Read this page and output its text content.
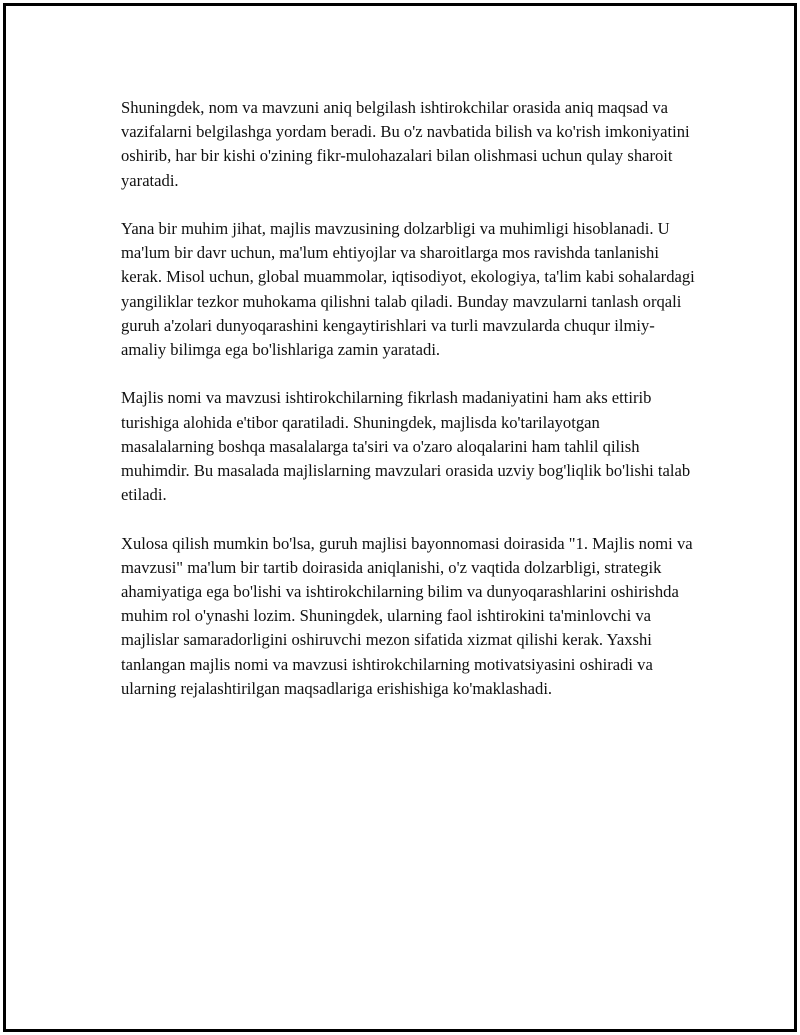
Shuningdek, nom va mavzuni aniq belgilash ishtirokchilar orasida aniq maqsad va vazifalarni belgilashga yordam beradi. Bu o'z navbatida bilish va ko'rish imkoniyatini oshirib, har bir kishi o'zining fikr-mulohazalari bilan olishmasi uchun qulay sharoit yaratadi.

Yana bir muhim jihat, majlis mavzusining dolzarbligi va muhimligi hisoblanadi. U ma'lum bir davr uchun, ma'lum ehtiyojlar va sharoitlarga mos ravishda tanlanishi kerak. Misol uchun, global muammolar, iqtisodiyot, ekologiya, ta'lim kabi sohalardagi yangiliklar tezkor muhokama qilishni talab qiladi. Bunday mavzularni tanlash orqali guruh a'zolari dunyoqarashini kengaytirishlari va turli mavzularda chuqur ilmiy-amaliy bilimga ega bo'lishlariga zamin yaratadi.

Majlis nomi va mavzusi ishtirokchilarning fikrlash madaniyatini ham aks ettirib turishiga alohida e'tibor qaratiladi. Shuningdek, majlisda ko'tarilayotgan masalalarning boshqa masalalarga ta'siri va o'zaro aloqalarini ham tahlil qilish muhimdir. Bu masalada majlislarning mavzulari orasida uzviy bog'liqlik bo'lishi talab etiladi.

Xulosa qilish mumkin bo'lsa, guruh majlisi bayonnomasi doirasida "1. Majlis nomi va mavzusi" ma'lum bir tartib doirasida aniqlanishi, o'z vaqtida dolzarbligi, strategik ahamiyatiga ega bo'lishi va ishtirokchilarning bilim va dunyoqarashlarini oshirishda muhim rol o'ynashi lozim. Shuningdek, ularning faol ishtirokini ta'minlovchi va majlislar samaradorligini oshiruvchi mezon sifatida xizmat qilishi kerak. Yaxshi tanlangan majlis nomi va mavzusi ishtirokchilarning motivatsiyasini oshiradi va ularning rejalashtirilgan maqsadlariga erishishiga ko'maklashadi.
